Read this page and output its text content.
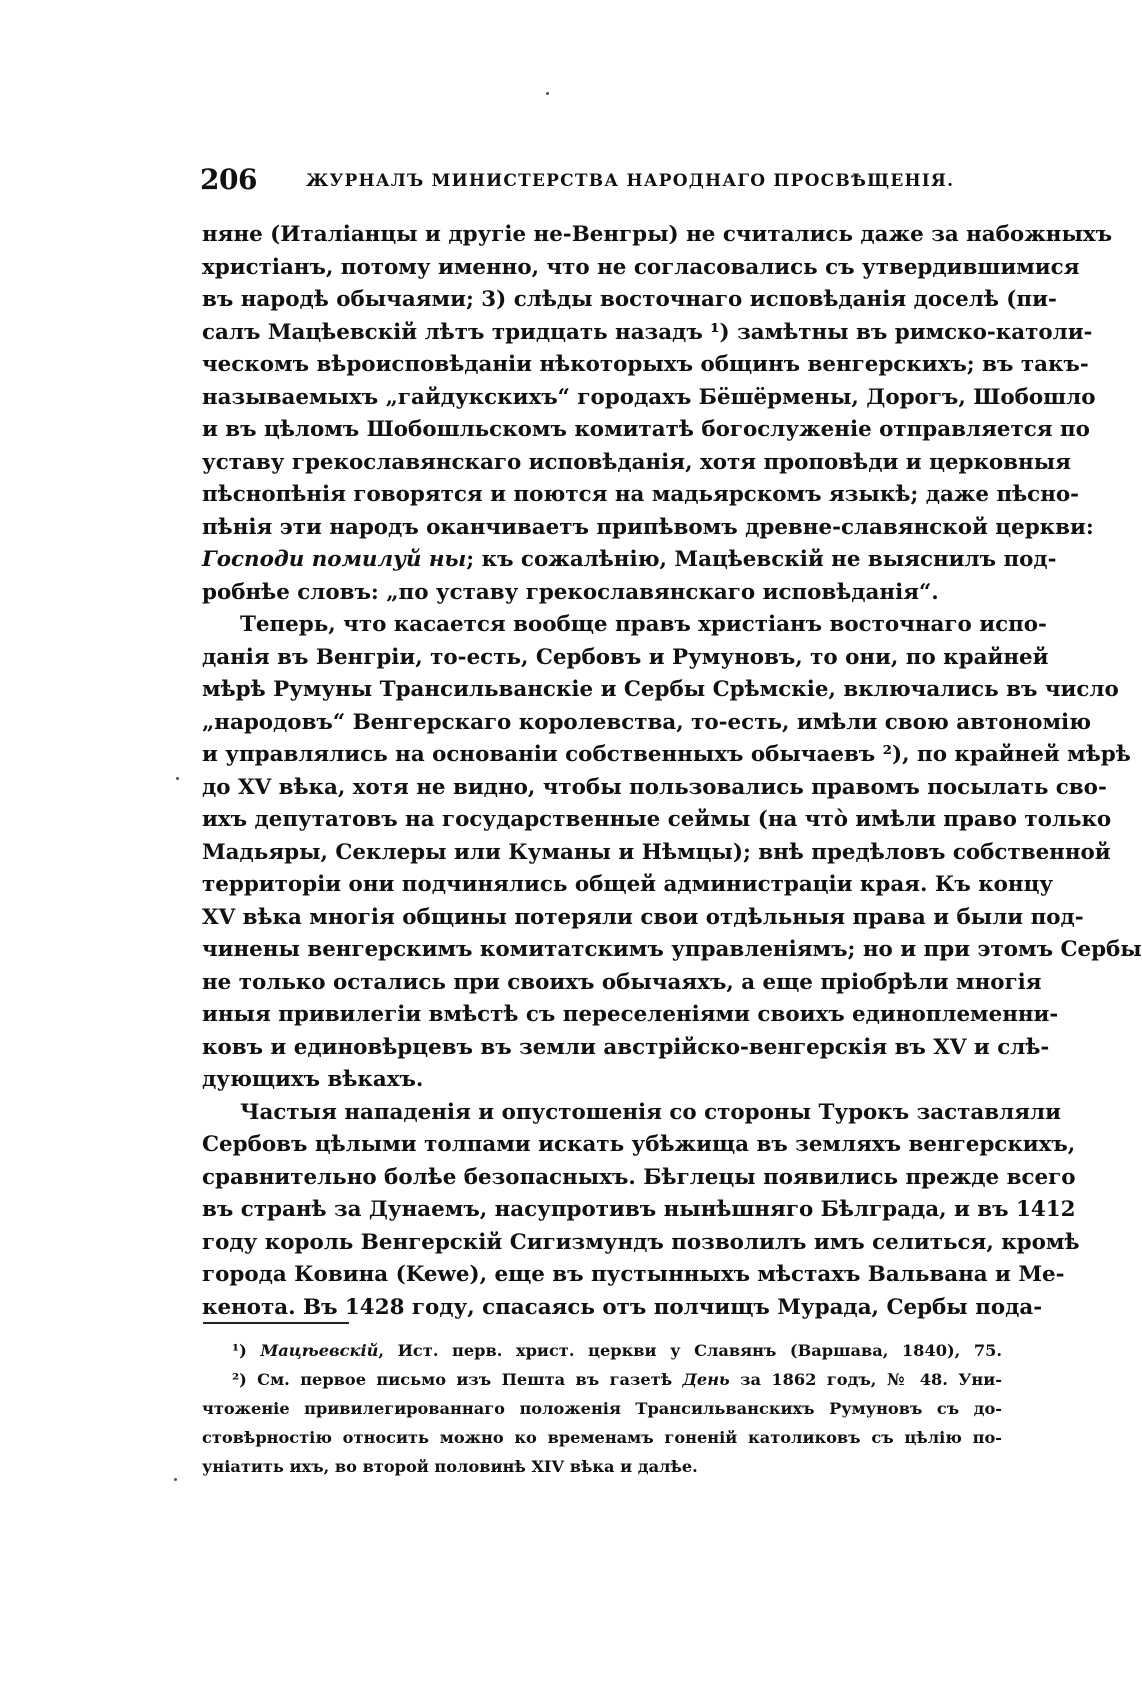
206	ЖУРНАЛЪ МИНИСТЕРСТВА НАРОДНАГО ПРОСВѢЩЕНІЯ.
няне (Италіанцы и другіе не-Венгры) не считались даже за набожныхъ
христіанъ, потому именно, что не согласовались съ утвердившимися
въ народѣ обычаями; 3) слѣды восточнаго исповѣданія доселѣ (пи-
салъ Мацѣевскій лѣтъ тридцать назадъ ¹) замѣтны въ римско-католи-
ческомъ вѣроисповѣданіи нѣкоторыхъ общинъ венгерскихъ; въ такъ-
называемыхъ „гайдукскихъ“ городахъ Бёшёрмены, Дорогъ, Шобошло
и въ цѣломъ Шобошльскомъ комитатѣ богослуженіе отправляется по
уставу грекославянскаго исповѣданія, хотя проповѣди и церковныя
пѣснопѣнія говорятся и поются на мадьярскомъ языкѣ; даже пѣсно-
пѣнія эти народъ оканчиваетъ припѣвомъ древне-славянской церкви:
Господи помилуй ны; къ сожалѣнію, Мацѣевскій не выяснилъ под-
робнѣе словъ: „по уставу грекославянскаго исповѣданія“.
Теперь, что касается вообще правъ христіанъ восточнаго испо-
данія въ Венгріи, то-есть, Сербовъ и Румуновъ, то они, по крайней
мѣрѣ Румуны Трансильванскіе и Сербы Срѣмскіе, включались въ число
„народовъ“ Венгерскаго королевства, то-есть, имѣли свою автономію
и управлялись на основаніи собственныхъ обычаевъ ²), по крайней мѣрѣ
до XV вѣка, хотя не видно, чтобы пользовались правомъ посылать сво-
ихъ депутатовъ на государственные сеймы (на что̀ имѣли право только
Мадьяры, Секлеры или Куманы и Нѣмцы); внѣ предѣловъ собственной
территоріи они подчинялись общей администраціи края. Къ концу
XV вѣка многія общины потеряли свои отдѣльныя права и были под-
чинены венгерскимъ комитатскимъ управленіямъ; но и при этомъ Сербы
не только остались при своихъ обычаяхъ, а еще пріобрѣли многія
иныя привилегіи вмѣстѣ съ переселеніями своихъ единоплеменни-
ковъ и единовѣрцевъ въ земли австрійско-венгерскія въ XV и слѣ-
дующихъ вѣкахъ.
Частыя нападенія и опустошенія со стороны Турокъ заставляли
Сербовъ цѣлыми толпами искать убѣжища въ земляхъ венгерскихъ,
сравнительно болѣе безопасныхъ. Бѣглецы появились прежде всего
въ странѣ за Дунаемъ, насупротивъ нынѣшняго Бѣлграда, и въ 1412
году король Венгерскій Сигизмундъ позволилъ имъ селиться, кромѣ
города Ковина (Kewe), еще въ пустынныхъ мѣстахъ Вальвана и Ме-
кенота. Въ 1428 году, спасаясь отъ полчищъ Мурада, Сербы пода-
¹) Мацѣевскій, Ист. перв. христ. церкви у Славянъ (Варшава, 1840), 75.
²) См. первое письмо изъ Пешта въ газетѣ День за 1862 годъ, № 48. Уни-
чтоженіе привилегированнаго положенія Трансильванскихъ Румуновъ съ до-
стовѣрностію относить можно ко временамъ гоненій католиковъ съ цѣлію по-
уніатить ихъ, во второй половинѣ XIV вѣка и далѣе.
